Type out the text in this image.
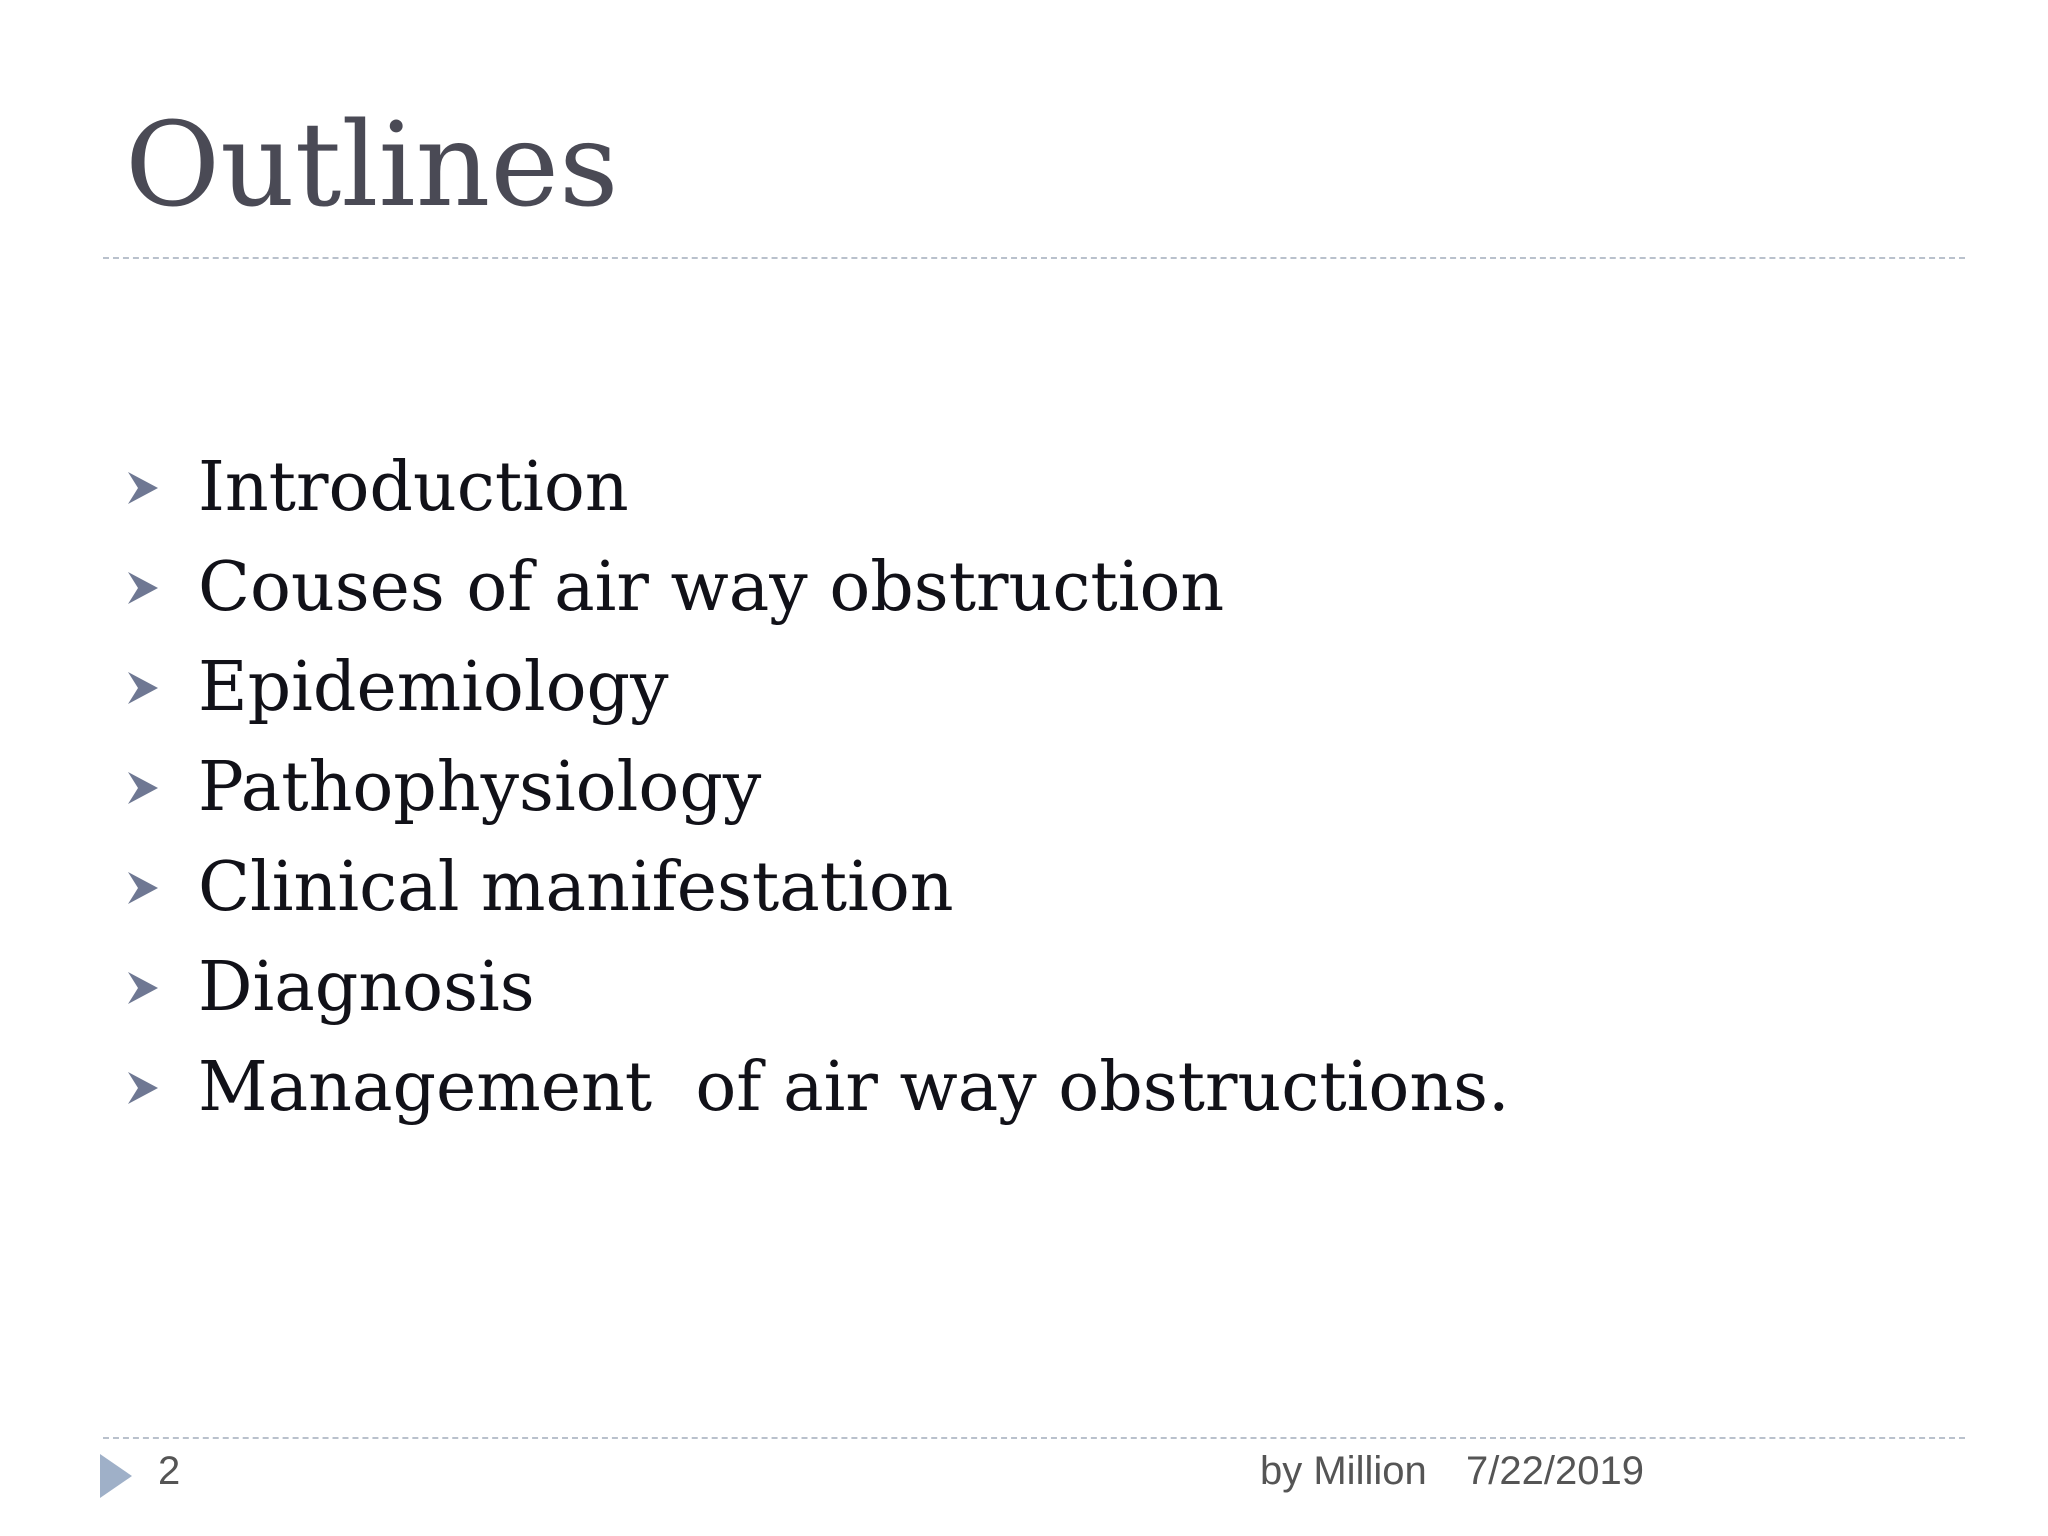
Outlines
Introduction
Couses of air way obstruction
Epidemiology
Pathophysiology
Clinical manifestation
Diagnosis
Management  of air way obstructions.
2	by Million 7/22/2019
